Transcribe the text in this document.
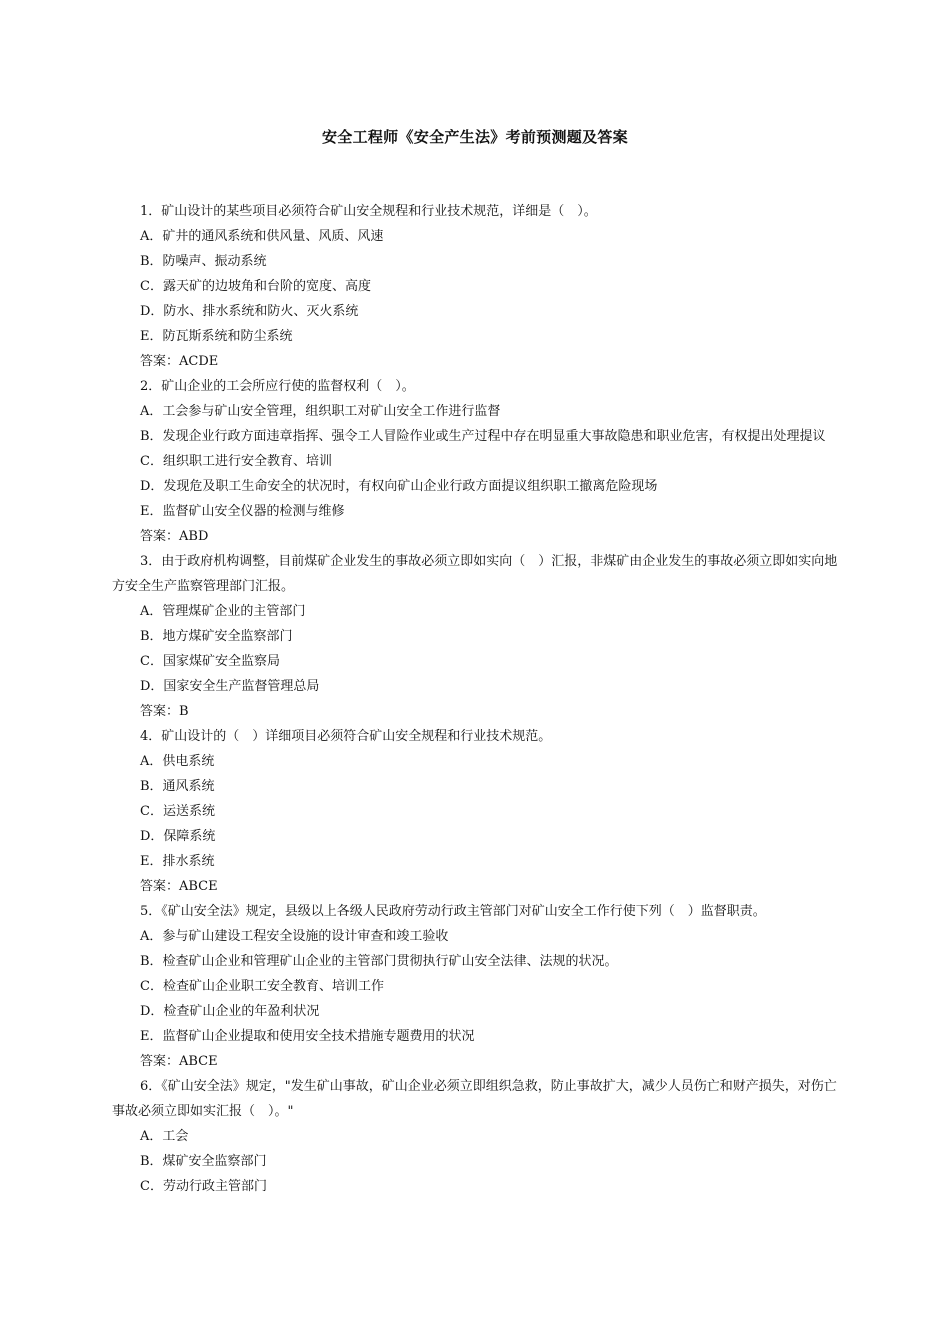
安全工程师《安全产生法》考前预测题及答案
1．矿山设计的某些项目必须符合矿山安全规程和行业技术规范，详细是（　）。
A．矿井的通风系统和供风量、风质、风速
B．防噪声、振动系统
C．露天矿的边坡角和台阶的宽度、高度
D．防水、排水系统和防火、灭火系统
E．防瓦斯系统和防尘系统
答案：ACDE
2．矿山企业的工会所应行使的监督权利（　）。
A．工会参与矿山安全管理，组织职工对矿山安全工作进行监督
B．发现企业行政方面违章指挥、强令工人冒险作业或生产过程中存在明显重大事故隐患和职业危害，有权提出处理提议
C．组织职工进行安全教育、培训
D．发现危及职工生命安全的状况时，有权向矿山企业行政方面提议组织职工撤离危险现场
E．监督矿山安全仪器的检测与维修
答案：ABD
3．由于政府机构调整，目前煤矿企业发生的事故必须立即如实向（　）汇报，非煤矿由企业发生的事故必须立即如实向地方安全生产监察管理部门汇报。
A．管理煤矿企业的主管部门
B．地方煤矿安全监察部门
C．国家煤矿安全监察局
D．国家安全生产监督管理总局
答案：B
4．矿山设计的（　）详细项目必须符合矿山安全规程和行业技术规范。
A．供电系统
B．通风系统
C．运送系统
D．保障系统
E．排水系统
答案：ABCE
5．《矿山安全法》规定，县级以上各级人民政府劳动行政主管部门对矿山安全工作行使下列（　）监督职责。
A．参与矿山建设工程安全设施的设计审查和竣工验收
B．检查矿山企业和管理矿山企业的主管部门贯彻执行矿山安全法律、法规的状况。
C．检查矿山企业职工安全教育、培训工作
D．检查矿山企业的年盈利状况
E．监督矿山企业提取和使用安全技术措施专题费用的状况
答案：ABCE
6．《矿山安全法》规定，"发生矿山事故，矿山企业必须立即组织急救，防止事故扩大，减少人员伤亡和财产损失，对伤亡事故必须立即如实汇报（　）。"
A．工会
B．煤矿安全监察部门
C．劳动行政主管部门
